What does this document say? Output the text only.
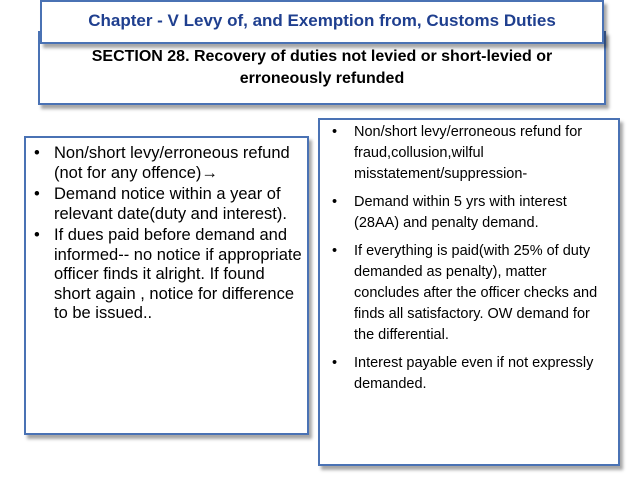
SECTION 28. Recovery of duties not levied or short-levied or erroneously refunded
Chapter - V Levy of, and Exemption from, Customs Duties
• Non/short levy/erroneous refund (not for any offence)→
• Demand notice within a year of relevant date(duty and interest).
• If dues paid before demand and informed-- no notice if appropriate officer finds it alright. If found short again , notice for difference to be issued..
• Non/short levy/erroneous refund for fraud,collusion,wilful misstatement/suppression-
• Demand within 5 yrs with interest (28AA) and penalty demand.
• If everything is paid(with 25% of duty demanded as penalty), matter concludes after the officer checks and finds all satisfactory. OW demand for the differential.
• Interest payable even if not expressly demanded.
